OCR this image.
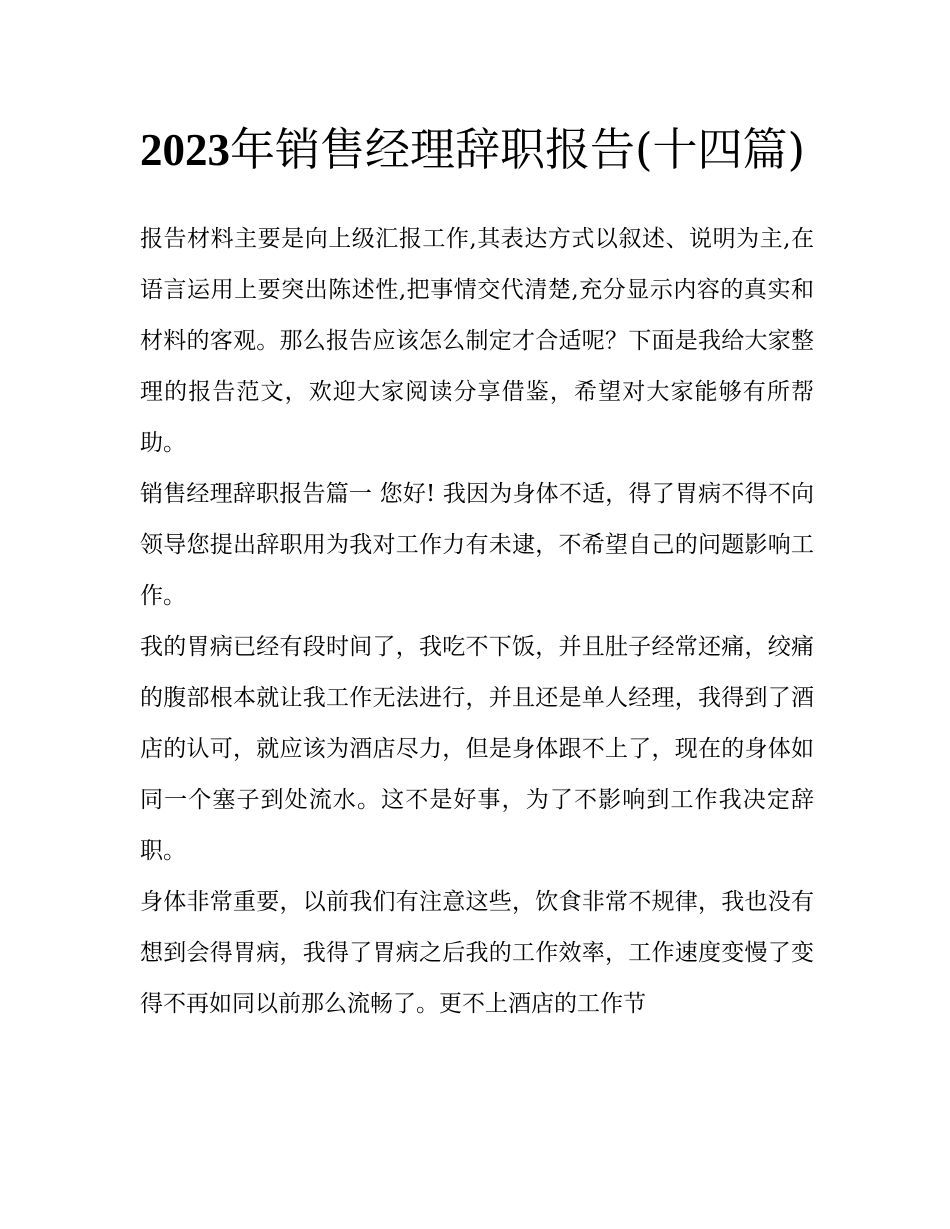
2023年销售经理辞职报告(十四篇)

报告材料主要是向上级汇报工作,其表达方式以叙述、说明为主,在语言运用上要突出陈述性,把事情交代清楚,充分显示内容的真实和材料的客观。那么报告应该怎么制定才合适呢？下面是我给大家整理的报告范文，欢迎大家阅读分享借鉴，希望对大家能够有所帮助。

销售经理辞职报告篇一 您好! 我因为身体不适，得了胃病不得不向领导您提出辞职用为我对工作力有未逮，不希望自己的问题影响工作。

我的胃病已经有段时间了，我吃不下饭，并且肚子经常还痛，绞痛的腹部根本就让我工作无法进行，并且还是单人经理，我得到了酒店的认可，就应该为酒店尽力，但是身体跟不上了，现在的身体如同一个塞子到处流水。这不是好事，为了不影响到工作我决定辞职。

身体非常重要，以前我们有注意这些，饮食非常不规律，我也没有想到会得胃病，我得了胃病之后我的工作效率，工作速度变慢了变得不再如同以前那么流畅了。更不上酒店的工作节
